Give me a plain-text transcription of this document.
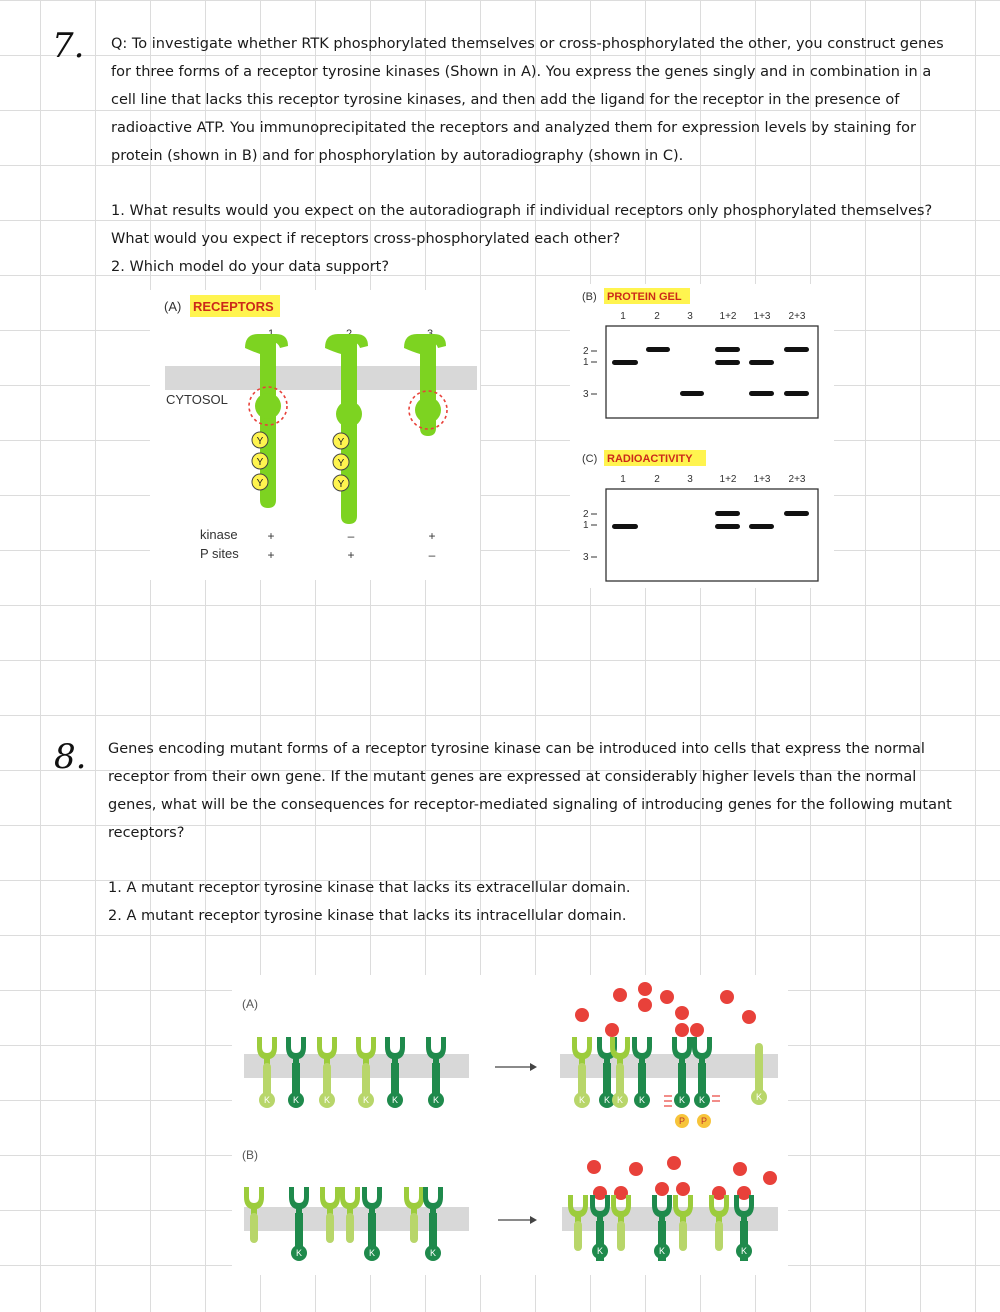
7. Q: To investigate whether RTK phosphorylated themselves or cross-phosphorylated the other, you construct genes
for three forms of a receptor tyrosine kinases (Shown in A). You express the genes singly and in combination in a
cell line that lacks this receptor tyrosine kinases, and then add the ligand for the receptor in the presence of
radioactive ATP. You immunoprecipitated the receptors and analyzed them for expression levels by staining for
protein (shown in B) and for phosphorylation by autoradiography (shown in C).
1. What results would you expect on the autoradiograph if individual receptors only phosphorylated themselves?
What would you expect if receptors cross-phosphorylated each other?
2. Which model do your data support?
(A) RECEPTORS
CYTOSOL
Y
Y
Y
Y
Y
Y
kinase
P sites
+	–	+
+	+	–
(B) PROTEIN GEL
1	2	3	1+2 1+3 2+3
2
1
3
(C) RADIOACTIVITY
1	2	3	1+2 1+3 2+3
2
1
3
8. Genes encoding mutant forms of a receptor tyrosine kinase can be introduced into cells that express the normal
receptor from their own gene. If the mutant genes are expressed at considerably higher levels than the normal
genes, what will be the consequences for receptor-mediated signaling of introducing genes for the following mutant
receptors?
1. A mutant receptor tyrosine kinase that lacks its extracellular domain.
2. A mutant receptor tyrosine kinase that lacks its intracellular domain.
(A)
(B)
K	K	K	K	K	K	K K K K	K K	K
P P
K	K	K	K	K	K
